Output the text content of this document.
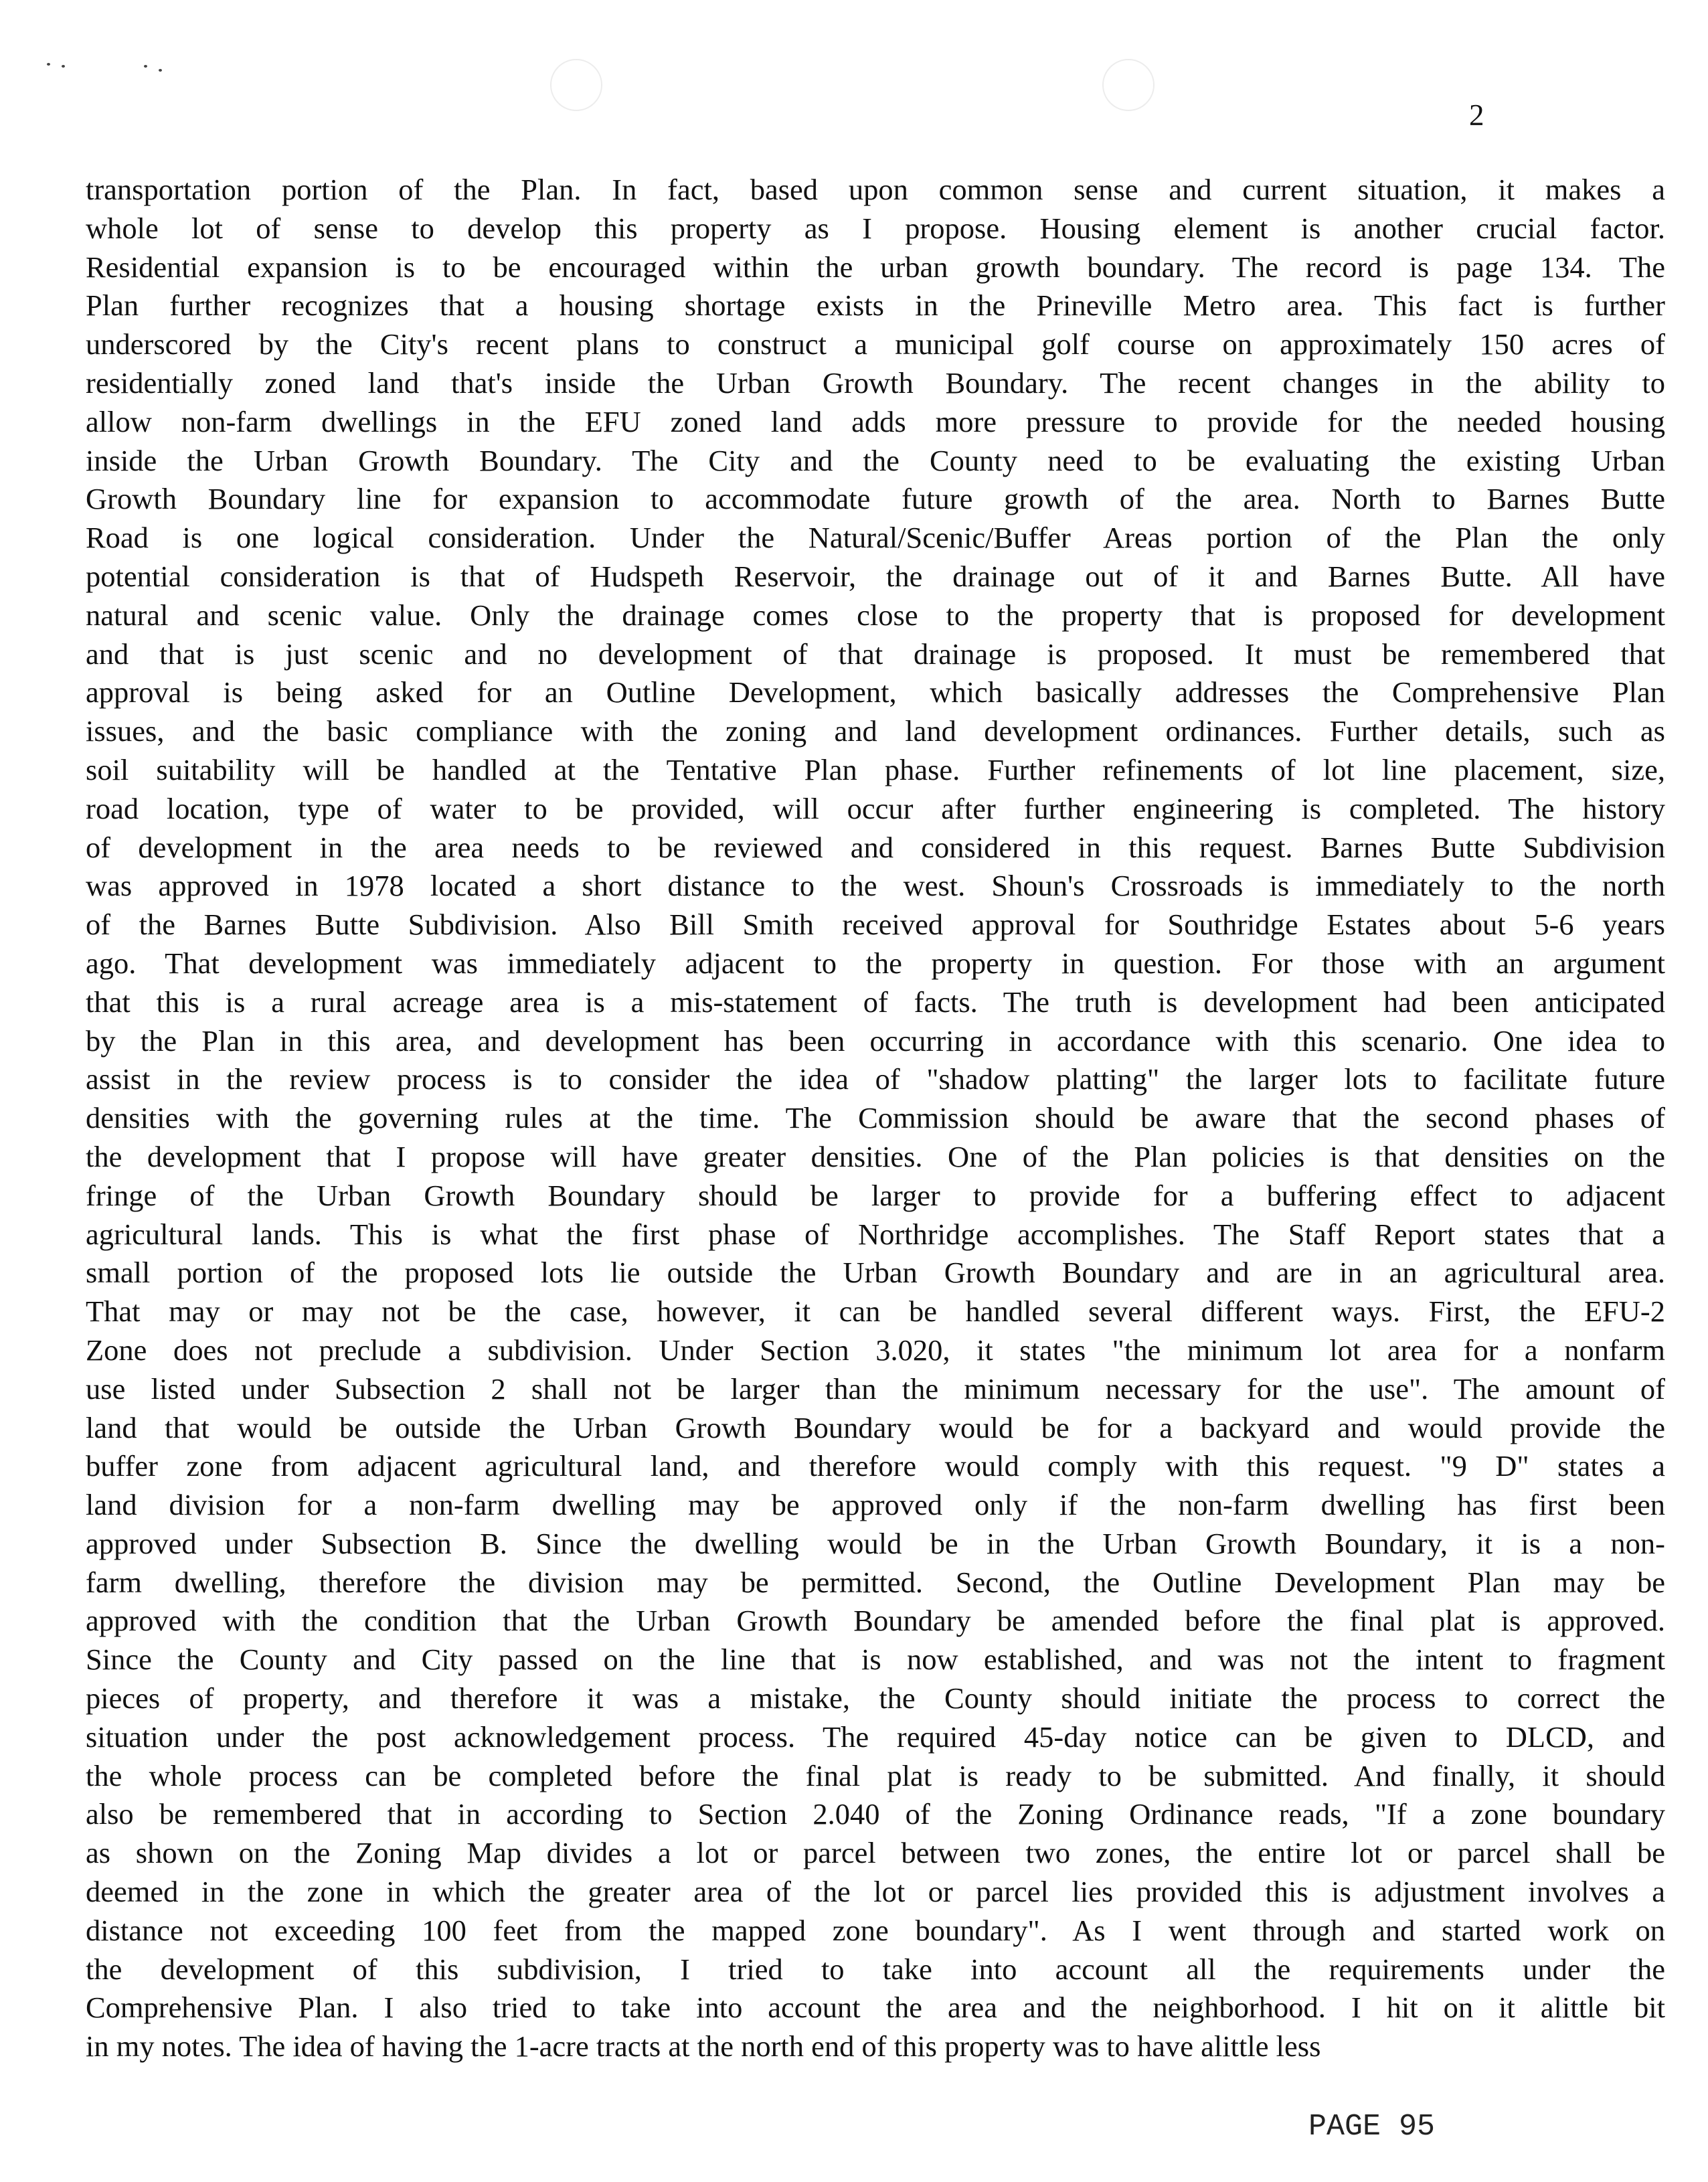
2
transportation portion of the Plan. In fact, based upon common sense and current situation, it makes a
whole lot of sense to develop this property as I propose. Housing element is another crucial factor.
Residential expansion is to be encouraged within the urban growth boundary. The record is page 134. The
Plan further recognizes that a housing shortage exists in the Prineville Metro area. This fact is further
underscored by the City's recent plans to construct a municipal golf course on approximately 150 acres of
residentially zoned land that's inside the Urban Growth Boundary. The recent changes in the ability to
allow non-farm dwellings in the EFU zoned land adds more pressure to provide for the needed housing
inside the Urban Growth Boundary. The City and the County need to be evaluating the existing Urban
Growth Boundary line for expansion to accommodate future growth of the area. North to Barnes Butte
Road is one logical consideration. Under the Natural/Scenic/Buffer Areas portion of the Plan the only
potential consideration is that of Hudspeth Reservoir, the drainage out of it and Barnes Butte. All have
natural and scenic value. Only the drainage comes close to the property that is proposed for development
and that is just scenic and no development of that drainage is proposed. It must be remembered that
approval is being asked for an Outline Development, which basically addresses the Comprehensive Plan
issues, and the basic compliance with the zoning and land development ordinances. Further details, such as
soil suitability will be handled at the Tentative Plan phase. Further refinements of lot line placement, size,
road location, type of water to be provided, will occur after further engineering is completed. The history
of development in the area needs to be reviewed and considered in this request. Barnes Butte Subdivision
was approved in 1978 located a short distance to the west. Shoun's Crossroads is immediately to the north
of the Barnes Butte Subdivision. Also Bill Smith received approval for Southridge Estates about 5-6 years
ago. That development was immediately adjacent to the property in question. For those with an argument
that this is a rural acreage area is a mis-statement of facts. The truth is development had been anticipated
by the Plan in this area, and development has been occurring in accordance with this scenario. One idea to
assist in the review process is to consider the idea of "shadow platting" the larger lots to facilitate future
densities with the governing rules at the time. The Commission should be aware that the second phases of
the development that I propose will have greater densities. One of the Plan policies is that densities on the
fringe of the Urban Growth Boundary should be larger to provide for a buffering effect to adjacent
agricultural lands. This is what the first phase of Northridge accomplishes. The Staff Report states that a
small portion of the proposed lots lie outside the Urban Growth Boundary and are in an agricultural area.
That may or may not be the case, however, it can be handled several different ways. First, the EFU-2
Zone does not preclude a subdivision. Under Section 3.020, it states "the minimum lot area for a nonfarm
use listed under Subsection 2 shall not be larger than the minimum necessary for the use". The amount of
land that would be outside the Urban Growth Boundary would be for a backyard and would provide the
buffer zone from adjacent agricultural land, and therefore would comply with this request. "9 D" states a
land division for a non-farm dwelling may be approved only if the non-farm dwelling has first been
approved under Subsection B. Since the dwelling would be in the Urban Growth Boundary, it is a non-
farm dwelling, therefore the division may be permitted. Second, the Outline Development Plan may be
approved with the condition that the Urban Growth Boundary be amended before the final plat is approved.
Since the County and City passed on the line that is now established, and was not the intent to fragment
pieces of property, and therefore it was a mistake, the County should initiate the process to correct the
situation under the post acknowledgement process. The required 45-day notice can be given to DLCD, and
the whole process can be completed before the final plat is ready to be submitted. And finally, it should
also be remembered that in according to Section 2.040 of the Zoning Ordinance reads, "If a zone boundary
as shown on the Zoning Map divides a lot or parcel between two zones, the entire lot or parcel shall be
deemed in the zone in which the greater area of the lot or parcel lies provided this is adjustment involves a
distance not exceeding 100 feet from the mapped zone boundary". As I went through and started work on
the development of this subdivision, I tried to take into account all the requirements under the
Comprehensive Plan. I also tried to take into account the area and the neighborhood. I hit on it alittle bit
in my notes. The idea of having the 1-acre tracts at the north end of this property was to have alittle less
PAGE 95
